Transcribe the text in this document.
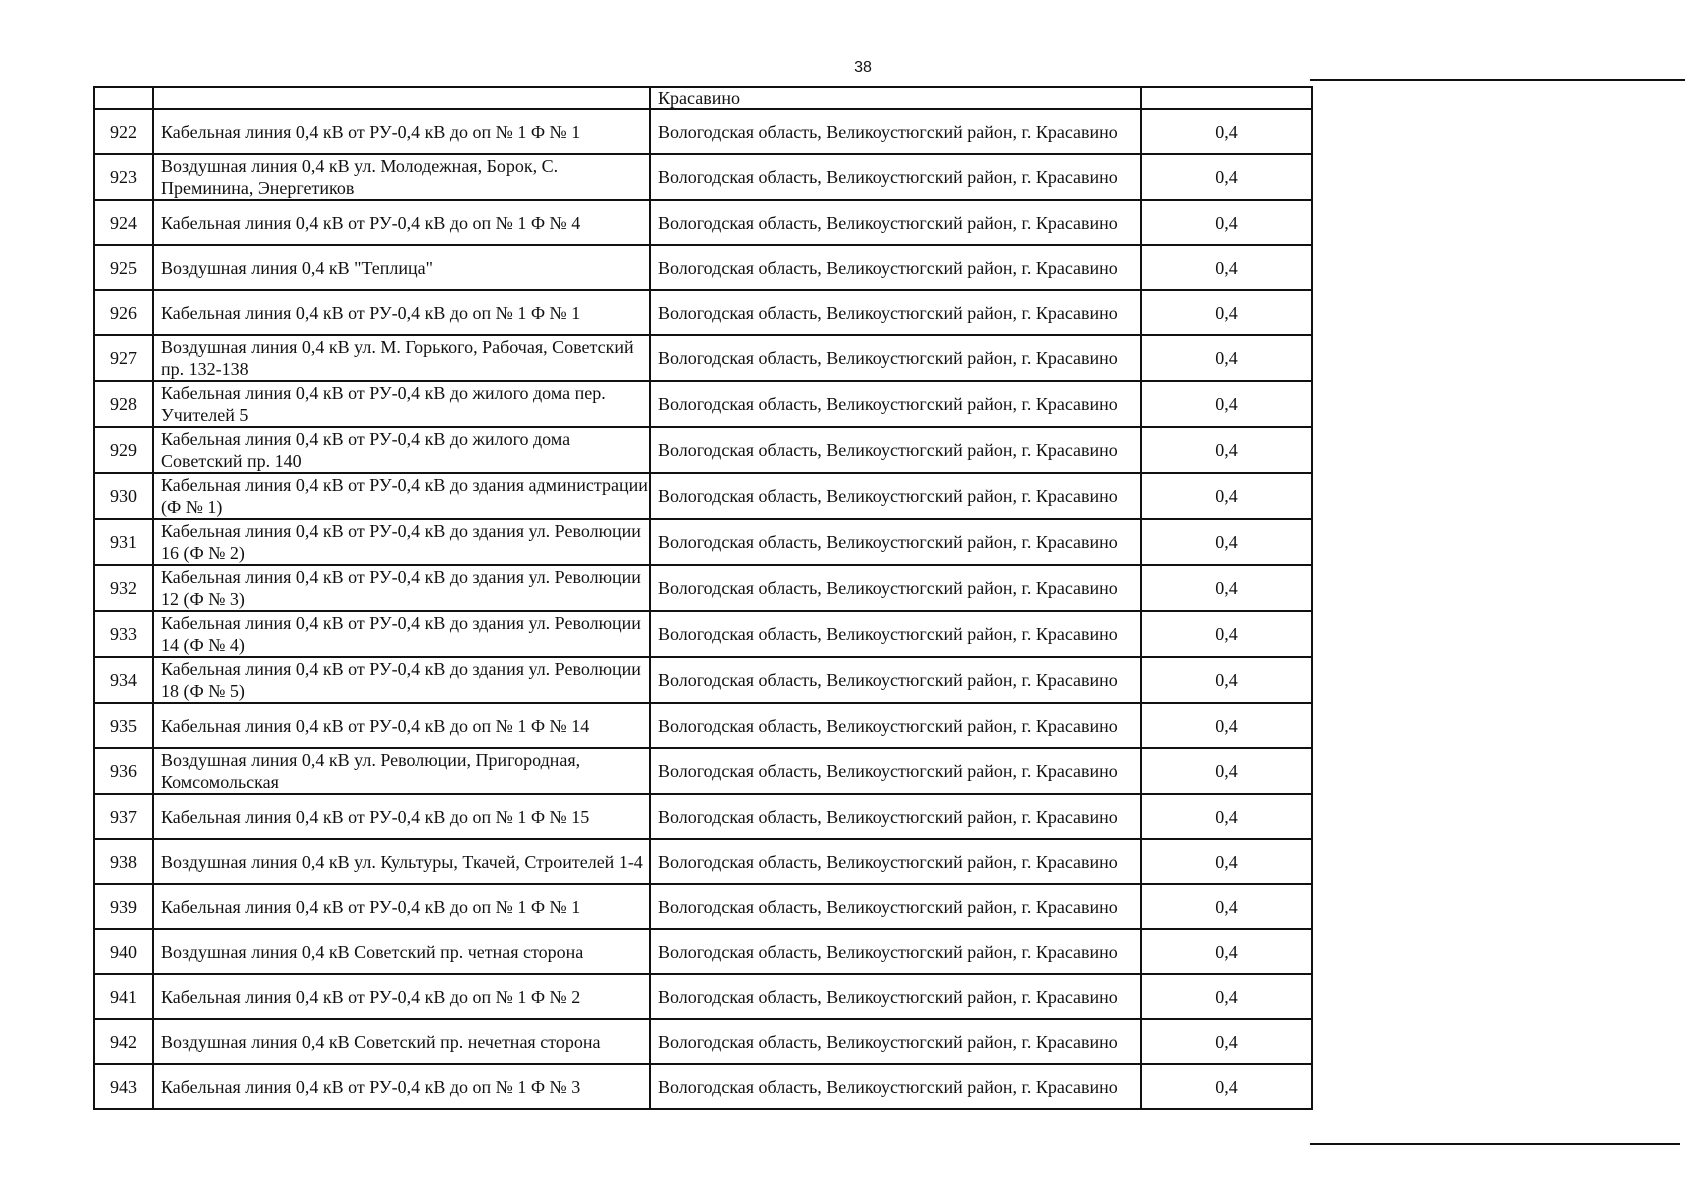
38
		Красавино	
922	Кабельная линия 0,4 кВ от РУ-0,4 кВ до оп № 1 Ф № 1	Вологодская область, Великоустюгский район, г. Красавино	0,4
923	Воздушная линия 0,4 кВ ул. Молодежная, Борок, С. Преминина, Энергетиков	Вологодская область, Великоустюгский район, г. Красавино	0,4
924	Кабельная линия 0,4 кВ от РУ-0,4 кВ до оп № 1 Ф № 4	Вологодская область, Великоустюгский район, г. Красавино	0,4
925	Воздушная линия 0,4 кВ "Теплица"	Вологодская область, Великоустюгский район, г. Красавино	0,4
926	Кабельная линия 0,4 кВ от РУ-0,4 кВ до оп № 1 Ф № 1	Вологодская область, Великоустюгский район, г. Красавино	0,4
927	Воздушная линия 0,4 кВ ул. М. Горького, Рабочая, Советский пр. 132-138	Вологодская область, Великоустюгский район, г. Красавино	0,4
928	Кабельная линия 0,4 кВ от РУ-0,4 кВ до жилого дома пер. Учителей 5	Вологодская область, Великоустюгский район, г. Красавино	0,4
929	Кабельная линия 0,4 кВ от РУ-0,4 кВ до жилого дома Советский пр. 140	Вологодская область, Великоустюгский район, г. Красавино	0,4
930	Кабельная линия 0,4 кВ от РУ-0,4 кВ до здания администрации (Ф № 1)	Вологодская область, Великоустюгский район, г. Красавино	0,4
931	Кабельная линия 0,4 кВ от РУ-0,4 кВ до здания ул. Революции 16 (Ф № 2)	Вологодская область, Великоустюгский район, г. Красавино	0,4
932	Кабельная линия 0,4 кВ от РУ-0,4 кВ до здания ул. Революции 12 (Ф № 3)	Вологодская область, Великоустюгский район, г. Красавино	0,4
933	Кабельная линия 0,4 кВ от РУ-0,4 кВ до здания ул. Революции 14 (Ф № 4)	Вологодская область, Великоустюгский район, г. Красавино	0,4
934	Кабельная линия 0,4 кВ от РУ-0,4 кВ до здания ул. Революции 18 (Ф № 5)	Вологодская область, Великоустюгский район, г. Красавино	0,4
935	Кабельная линия 0,4 кВ от РУ-0,4 кВ до оп № 1 Ф № 14	Вологодская область, Великоустюгский район, г. Красавино	0,4
936	Воздушная линия 0,4 кВ ул. Революции, Пригородная, Комсомольская	Вологодская область, Великоустюгский район, г. Красавино	0,4
937	Кабельная линия 0,4 кВ от РУ-0,4 кВ до оп № 1 Ф № 15	Вологодская область, Великоустюгский район, г. Красавино	0,4
938	Воздушная линия 0,4 кВ ул. Культуры, Ткачей, Строителей 1-4	Вологодская область, Великоустюгский район, г. Красавино	0,4
939	Кабельная линия 0,4 кВ от РУ-0,4 кВ до оп № 1 Ф № 1	Вологодская область, Великоустюгский район, г. Красавино	0,4
940	Воздушная линия 0,4 кВ Советский пр. четная сторона	Вологодская область, Великоустюгский район, г. Красавино	0,4
941	Кабельная линия 0,4 кВ от РУ-0,4 кВ до оп № 1 Ф № 2	Вологодская область, Великоустюгский район, г. Красавино	0,4
942	Воздушная линия 0,4 кВ Советский пр. нечетная сторона	Вологодская область, Великоустюгский район, г. Красавино	0,4
943	Кабельная линия 0,4 кВ от РУ-0,4 кВ до оп № 1 Ф № 3	Вологодская область, Великоустюгский район, г. Красавино	0,4
